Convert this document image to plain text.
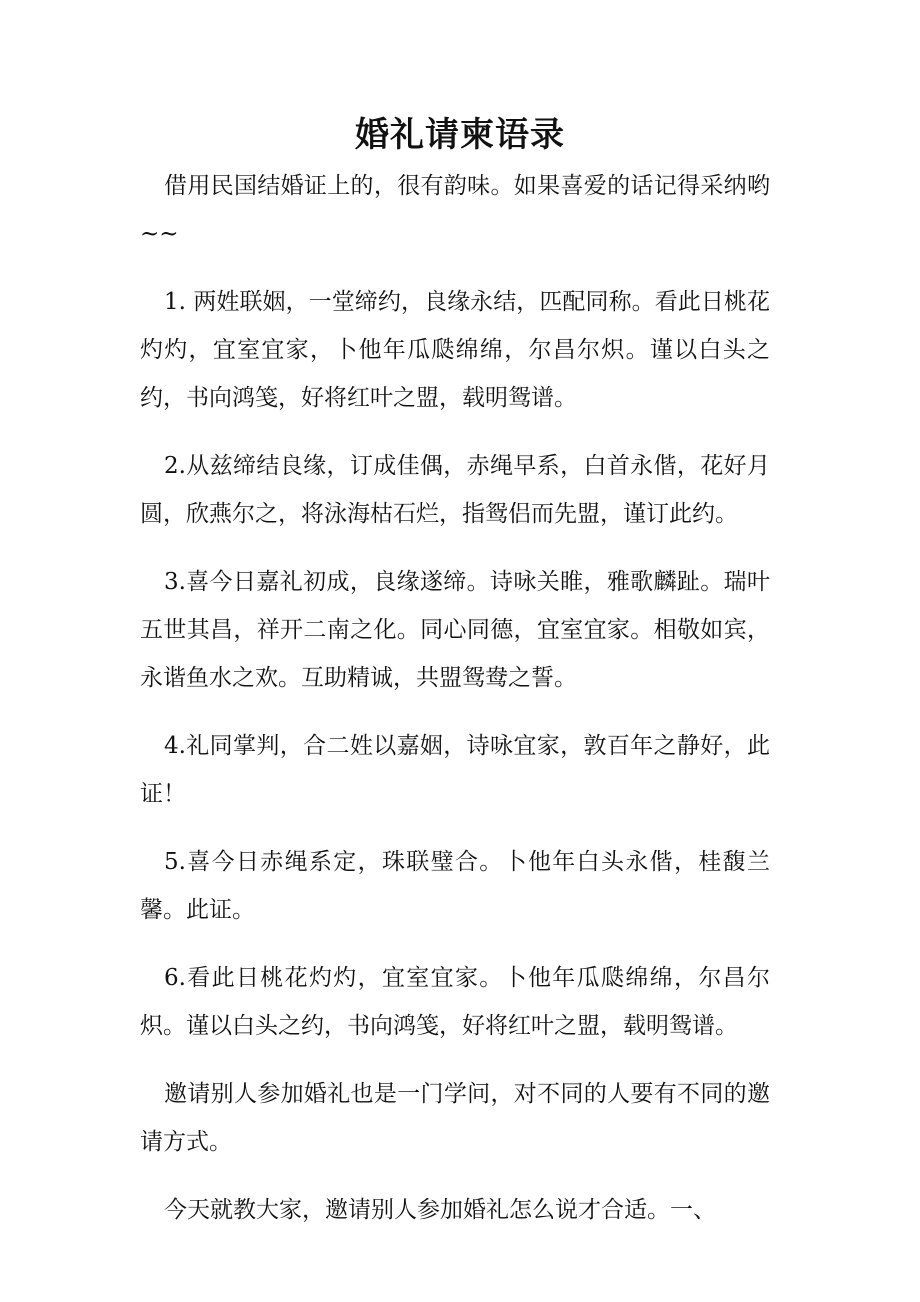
婚礼请柬语录

借用民国结婚证上的，很有韵味。如果喜爱的话记得采纳哟~~

1. 两姓联姻，一堂缔约，良缘永结，匹配同称。看此日桃花灼灼，宜室宜家，卜他年瓜瓞绵绵，尔昌尔炽。谨以白头之约，书向鸿笺，好将红叶之盟，载明鸳谱。

2.从兹缔结良缘，订成佳偶，赤绳早系，白首永偕，花好月圆，欣燕尔之，将泳海枯石烂，指鸳侣而先盟，谨订此约。

3.喜今日嘉礼初成，良缘遂缔。诗咏关睢，雅歌麟趾。瑞叶五世其昌，祥开二南之化。同心同德，宜室宜家。相敬如宾，永谐鱼水之欢。互助精诚，共盟鸳鸯之誓。

4.礼同掌判，合二姓以嘉姻，诗咏宜家，敦百年之静好，此证！

5.喜今日赤绳系定，珠联璧合。卜他年白头永偕，桂馥兰馨。此证。

6.看此日桃花灼灼，宜室宜家。卜他年瓜瓞绵绵，尔昌尔炽。谨以白头之约，书向鸿笺，好将红叶之盟，载明鸳谱。

邀请别人参加婚礼也是一门学问，对不同的人要有不同的邀请方式。

今天就教大家，邀请别人参加婚礼怎么说才合适。一、
